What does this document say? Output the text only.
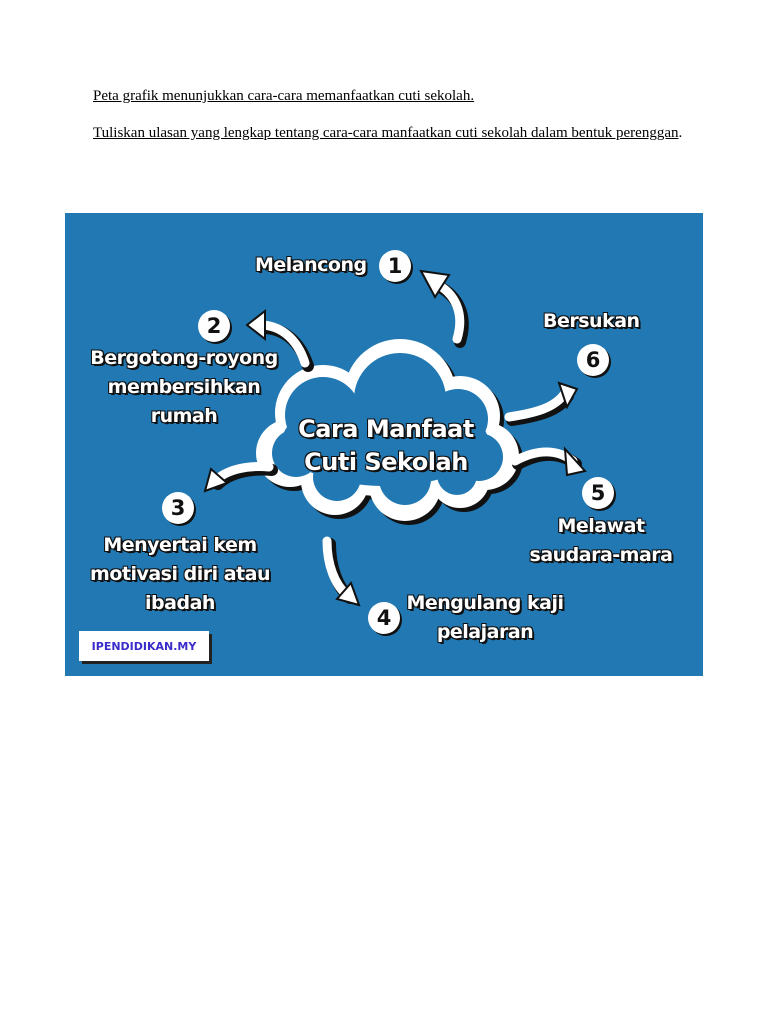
Peta grafik menunjukkan cara-cara memanfaatkan cuti sekolah.
Tuliskan ulasan yang lengkap tentang cara-cara manfaatkan cuti sekolah dalam bentuk perenggan.
Cara Manfaat
Cuti Sekolah
Melancong	1
2
Bergotong-royong
membersihkan
rumah
Bersukan
6
5
Melawat
saudara-mara
4
Mengulang kaji
pelajaran
3
Menyertai kem
motivasi diri atau
ibadah
IPENDIDIKAN.MY
